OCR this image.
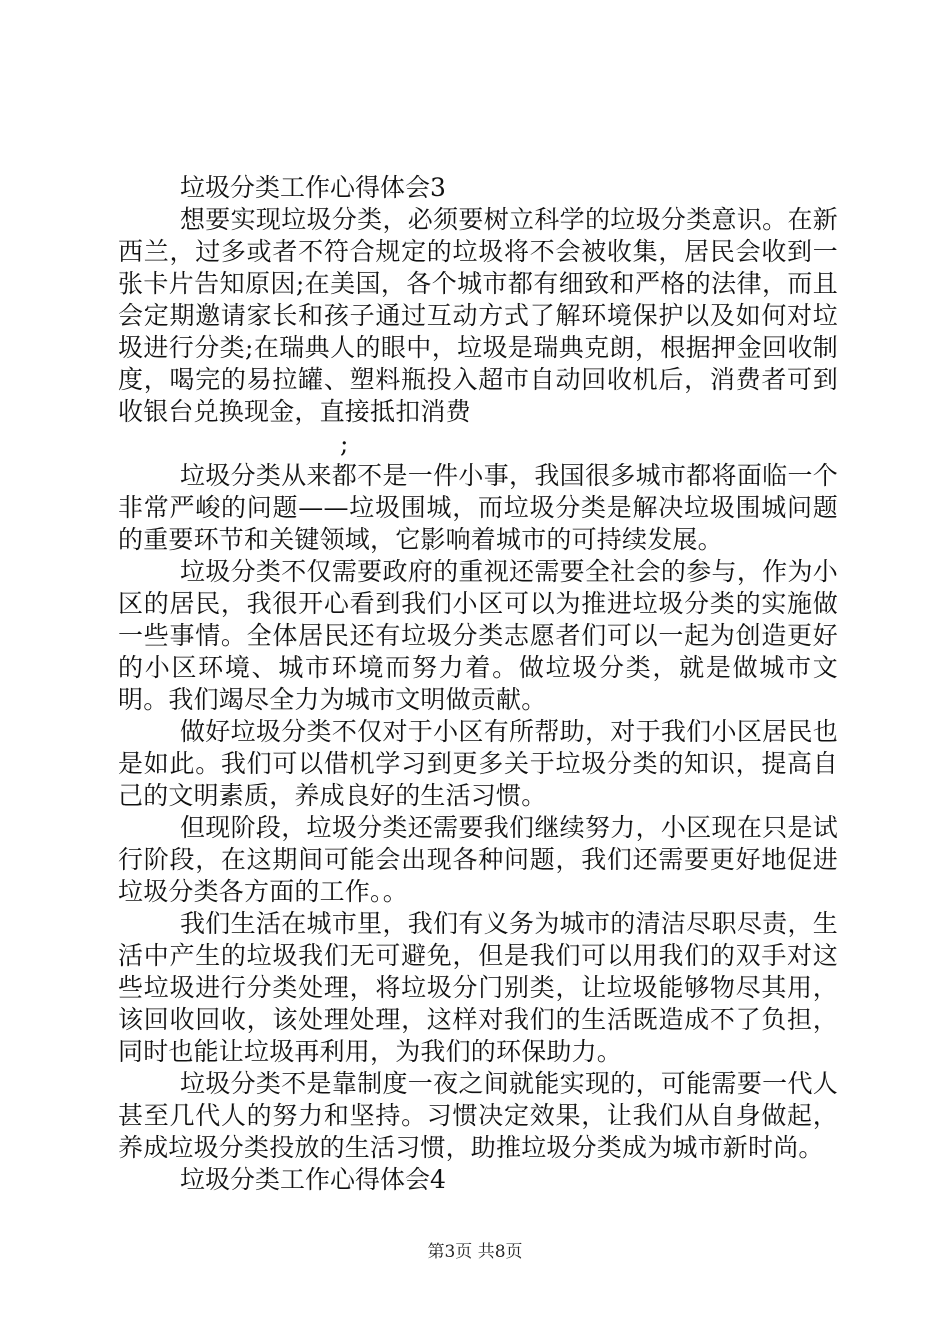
垃圾分类工作心得体会3

想要实现垃圾分类，必须要树立科学的垃圾分类意识。在新西兰，过多或者不符合规定的垃圾将不会被收集，居民会收到一张卡片告知原因;在美国，各个城市都有细致和严格的法律，而且会定期邀请家长和孩子通过互动方式了解环境保护以及如何对垃圾进行分类;在瑞典人的眼中，垃圾是瑞典克朗，根据押金回收制度，喝完的易拉罐、塑料瓶投入超市自动回收机后，消费者可到收银台兑换现金，直接抵扣消费

;

垃圾分类从来都不是一件小事，我国很多城市都将面临一个非常严峻的问题——垃圾围城，而垃圾分类是解决垃圾围城问题的重要环节和关键领域，它影响着城市的可持续发展。

垃圾分类不仅需要政府的重视还需要全社会的参与，作为小区的居民，我很开心看到我们小区可以为推进垃圾分类的实施做一些事情。全体居民还有垃圾分类志愿者们可以一起为创造更好的小区环境、城市环境而努力着。做垃圾分类，就是做城市文明。我们竭尽全力为城市文明做贡献。

做好垃圾分类不仅对于小区有所帮助，对于我们小区居民也是如此。我们可以借机学习到更多关于垃圾分类的知识，提高自己的文明素质，养成良好的生活习惯。

但现阶段，垃圾分类还需要我们继续努力，小区现在只是试行阶段，在这期间可能会出现各种问题，我们还需要更好地促进垃圾分类各方面的工作。。

我们生活在城市里，我们有义务为城市的清洁尽职尽责，生活中产生的垃圾我们无可避免，但是我们可以用我们的双手对这些垃圾进行分类处理，将垃圾分门别类，让垃圾能够物尽其用，该回收回收，该处理处理，这样对我们的生活既造成不了负担，同时也能让垃圾再利用，为我们的环保助力。

垃圾分类不是靠制度一夜之间就能实现的，可能需要一代人甚至几代人的努力和坚持。习惯决定效果，让我们从自身做起，养成垃圾分类投放的生活习惯，助推垃圾分类成为城市新时尚。

垃圾分类工作心得体会4

第3页 共8页
